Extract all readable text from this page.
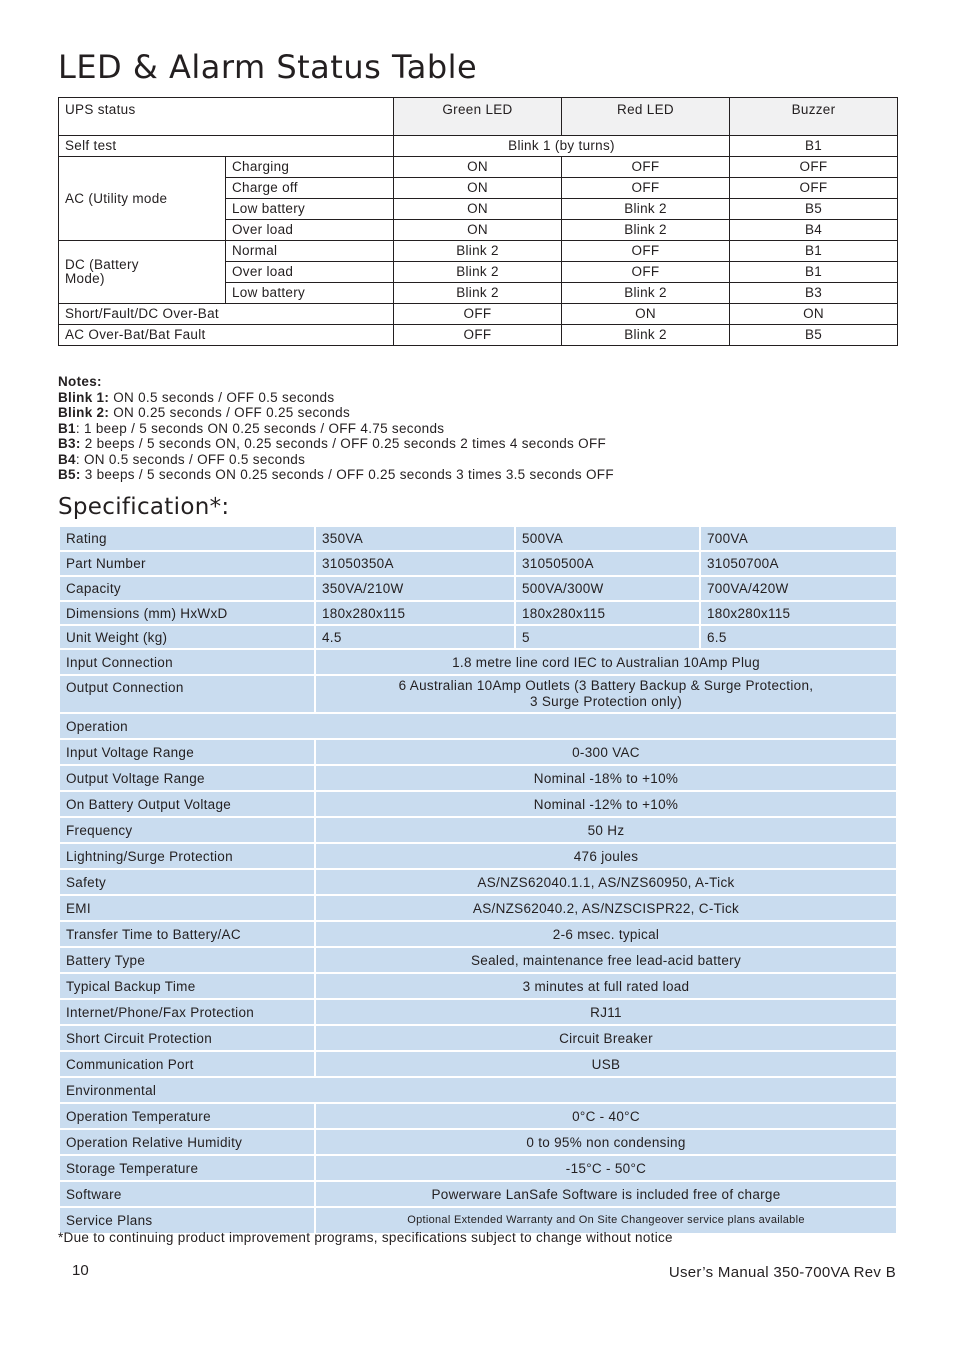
LED & Alarm Status Table
UPS status		Green LED	Red LED	Buzzer
Self test		Blink 1 (by turns)		B1
AC (Utility mode	Charging	ON	OFF	OFF
	Charge off	ON	OFF	OFF
	Low battery	ON	Blink 2	B5
	Over load	ON	Blink 2	B4
DC (Battery
Mode)	Normal	Blink 2	OFF	B1
	Over load	Blink 2	OFF	B1
	Low battery	Blink 2	Blink 2	B3
Short/Fault/DC Over-Bat		OFF	ON	ON
AC Over-Bat/Bat Fault		OFF	Blink 2	B5
Notes:
Blink 1: ON 0.5 seconds / OFF 0.5 seconds
Blink 2: ON 0.25 seconds / OFF 0.25 seconds
B1: 1 beep / 5 seconds ON 0.25 seconds / OFF 4.75 seconds
B3: 2 beeps / 5 seconds ON, 0.25 seconds / OFF 0.25 seconds 2 times 4 seconds OFF
B4: ON 0.5 seconds / OFF 0.5 seconds
B5: 3 beeps / 5 seconds ON 0.25 seconds / OFF 0.25 seconds 3 times 3.5 seconds OFF
Specification*:
Rating	350VA	500VA	700VA
Part Number	31050350A	31050500A	31050700A
Capacity	350VA/210W	500VA/300W	700VA/420W
Dimensions (mm) HxWxD	180x280x115	180x280x115	180x280x115
Unit Weight (kg)	4.5	5	6.5
Input Connection	1.8 metre line cord IEC to Australian 10Amp Plug		
Output Connection	6 Australian 10Amp Outlets (3 Battery Backup & Surge Protection,
3 Surge Protection only)		
Operation			
Input Voltage Range	0-300 VAC		
Output Voltage Range	Nominal -18% to +10%		
On Battery Output Voltage	Nominal -12% to +10%		
Frequency	50 Hz		
Lightning/Surge Protection	476 joules		
Safety	AS/NZS62040.1.1, AS/NZS60950, A-Tick		
EMI	AS/NZS62040.2, AS/NZSCISPR22, C-Tick		
Transfer Time to Battery/AC	2-6 msec. typical		
Battery Type	Sealed, maintenance free lead-acid battery		
Typical Backup Time	3 minutes at full rated load		
Internet/Phone/Fax Protection	RJ11		
Short Circuit Protection	Circuit Breaker		
Communication Port	USB		
Environmental			
Operation Temperature	0°C - 40°C		
Operation Relative Humidity	0 to 95% non condensing		
Storage Temperature	-15°C - 50°C		
Software	Powerware LanSafe Software is included free of charge		
Service Plans	Optional Extended Warranty and On Site Changeover service plans available		
*Due to continuing product improvement programs, specifications subject to change without notice
10	User’s Manual 350-700VA Rev B
